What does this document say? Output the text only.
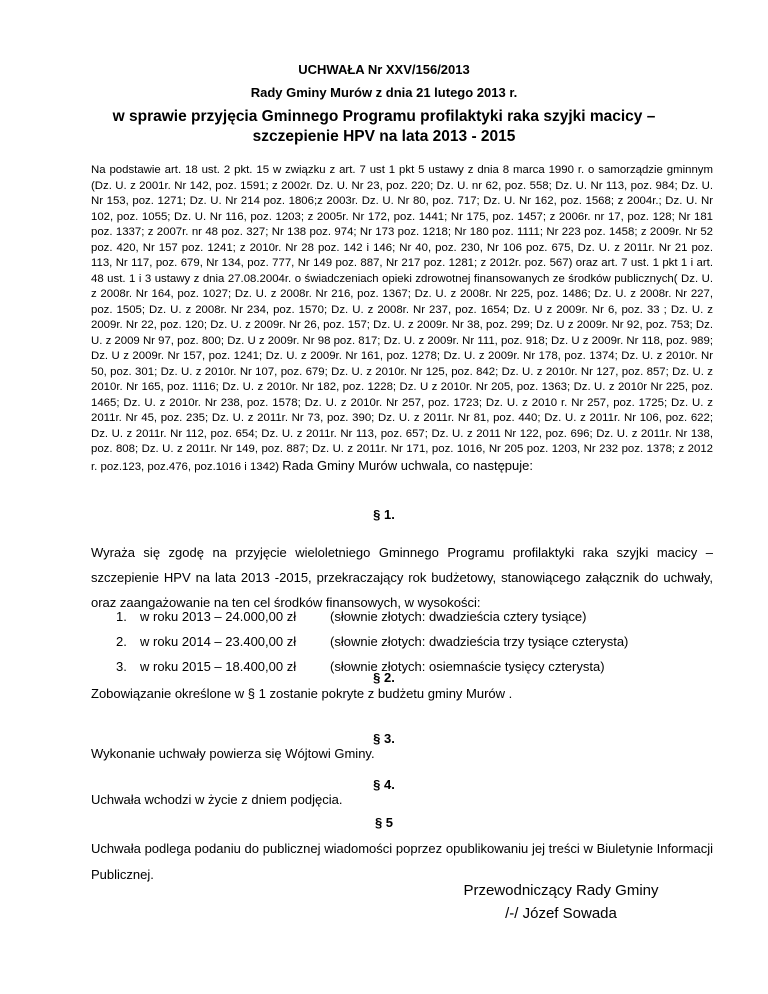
UCHWAŁA Nr XXV/156/2013
Rady Gminy Murów z dnia 21 lutego 2013 r.
w sprawie przyjęcia Gminnego Programu profilaktyki raka szyjki macicy –
szczepienie HPV na lata 2013 - 2015

Na podstawie art. 18 ust. 2 pkt. 15 w związku z art. 7 ust 1 pkt 5 ustawy z dnia 8 marca 1990 r. o samorządzie gminnym (Dz. U. z 2001r. Nr 142, poz. 1591; z 2002r. Dz. U. Nr 23, poz. 220; Dz. U. nr 62, poz. 558; Dz. U. Nr 113, poz. 984; Dz. U. Nr 153, poz. 1271; Dz. U. Nr 214 poz. 1806;z 2003r. Dz. U. Nr 80, poz. 717; Dz. U. Nr 162, poz. 1568; z 2004r.; Dz. U. Nr 102, poz. 1055; Dz. U. Nr 116, poz. 1203; z 2005r. Nr 172, poz. 1441; Nr 175, poz. 1457; z 2006r. nr 17, poz. 128; Nr 181 poz. 1337; z 2007r. nr 48 poz. 327; Nr 138 poz. 974; Nr 173 poz. 1218; Nr 180 poz. 1111; Nr 223 poz. 1458; z 2009r. Nr 52 poz. 420, Nr 157 poz. 1241; z 2010r. Nr 28 poz. 142 i 146; Nr 40, poz. 230, Nr 106 poz. 675, Dz. U. z 2011r. Nr 21 poz. 113, Nr 117, poz. 679, Nr 134, poz. 777, Nr 149 poz. 887, Nr 217 poz. 1281; z 2012r. poz. 567) oraz art. 7 ust. 1 pkt 1 i art. 48 ust. 1 i 3 ustawy z dnia 27.08.2004r. o świadczeniach opieki zdrowotnej finansowanych ze środków publicznych( Dz. U. z 2008r. Nr 164, poz. 1027; Dz. U. z 2008r. Nr 216, poz. 1367; Dz. U. z 2008r. Nr 225, poz. 1486; Dz. U. z 2008r. Nr 227, poz. 1505; Dz. U. z 2008r. Nr 234, poz. 1570; Dz. U. z 2008r. Nr 237, poz. 1654; Dz. U z 2009r. Nr 6, poz. 33 ; Dz. U. z 2009r. Nr 22, poz. 120; Dz. U. z 2009r. Nr 26, poz. 157; Dz. U. z 2009r. Nr 38, poz. 299; Dz. U z 2009r. Nr 92, poz. 753; Dz. U. z 2009 Nr 97, poz. 800; Dz. U z 2009r. Nr 98 poz. 817; Dz. U. z 2009r. Nr 111, poz. 918; Dz. U z 2009r. Nr 118, poz. 989; Dz. U z 2009r. Nr 157, poz. 1241; Dz. U. z 2009r. Nr 161, poz. 1278; Dz. U. z 2009r. Nr 178, poz. 1374; Dz. U. z 2010r. Nr 50, poz. 301; Dz. U. z 2010r. Nr 107, poz. 679; Dz. U. z 2010r. Nr 125, poz. 842; Dz. U. z 2010r. Nr 127, poz. 857; Dz. U. z 2010r. Nr 165, poz. 1116; Dz. U. z 2010r. Nr 182, poz. 1228; Dz. U z 2010r. Nr 205, poz. 1363; Dz. U. z 2010r Nr 225, poz. 1465; Dz. U. z 2010r. Nr 238, poz. 1578; Dz. U. z 2010r. Nr 257, poz. 1723; Dz. U. z 2010 r. Nr 257, poz. 1725; Dz. U. z 2011r. Nr 45, poz. 235; Dz. U. z 2011r. Nr 73, poz. 390; Dz. U. z 2011r. Nr 81, poz. 440; Dz. U. z 2011r. Nr 106, poz. 622; Dz. U. z 2011r. Nr 112, poz. 654; Dz. U. z 2011r. Nr 113, poz. 657; Dz. U. z 2011 Nr 122, poz. 696; Dz. U. z 2011r. Nr 138, poz. 808; Dz. U. z 2011r. Nr 149, poz. 887; Dz. U. z 2011r. Nr 171, poz. 1016, Nr 205 poz. 1203, Nr 232 poz. 1378; z 2012 r. poz.123, poz.476, poz.1016 i 1342) Rada Gminy Murów uchwala, co następuje:

§ 1.

Wyraża się zgodę na przyjęcie wieloletniego Gminnego Programu profilaktyki raka szyjki macicy – szczepienie HPV na lata 2013 -2015, przekraczający rok budżetowy, stanowiącego załącznik do uchwały, oraz zaangażowanie na ten cel środków finansowych, w wysokości:

1.	w roku 2013 – 24.000,00 zł	(słownie złotych: dwadzieścia cztery tysiące)
2.	w roku 2014 – 23.400,00 zł	(słownie złotych: dwadzieścia trzy tysiące czterysta)
3.	w roku 2015 – 18.400,00 zł	(słownie złotych: osiemnaście tysięcy czterysta)
§ 2.

Zobowiązanie określone w § 1 zostanie pokryte z budżetu gminy Murów .

§ 3.

Wykonanie uchwały powierza się Wójtowi Gminy.

§ 4.

Uchwała wchodzi w życie z dniem podjęcia.

§ 5

Uchwała podlega podaniu do publicznej wiadomości poprzez opublikowaniu jej treści w Biuletynie Informacji Publicznej.

Przewodniczący Rady Gminy
/-/ Józef Sowada
